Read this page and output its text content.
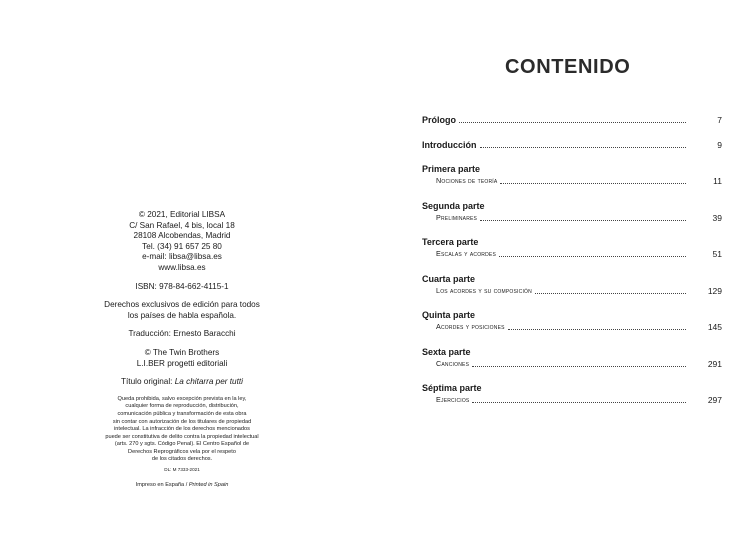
© 2021, Editorial LIBSA
C/ San Rafael, 4 bis, local 18
28108 Alcobendas, Madrid
Tel. (34) 91 657 25 80
e-mail: libsa@libsa.es
www.libsa.es
ISBN: 978-84-662-4115-1
Derechos exclusivos de edición para todos
los países de habla española.
Traducción: Ernesto Baracchi
© The Twin Brothers
L.I.BER progetti editoriali
Título original: La chitarra per tutti
Queda prohibida, salvo excepción prevista en la ley,
cualquier forma de reproducción, distribución,
comunicación pública y transformación de esta obra
sin contar con autorización de los titulares de propiedad
intelectual. La infracción de los derechos mencionados
puede ser constitutiva de delito contra la propiedad intelectual
(arts. 270 y sgts. Código Penal). El Centro Español de
Derechos Reprográficos vela por el respeto
de los citados derechos.
DL: M 7333-2021
Impreso en España / Printed in Spain
CONTENIDO
Prólogo	7
Introducción	9
Primera parte
Nociones de teoría	11
Segunda parte
Preliminares	39
Tercera parte
Escalas y acordes	51
Cuarta parte
Los acordes y su composición	129
Quinta parte
Acordes y posiciones	145
Sexta parte
Canciones	291
Séptima parte
Ejercicios	297
